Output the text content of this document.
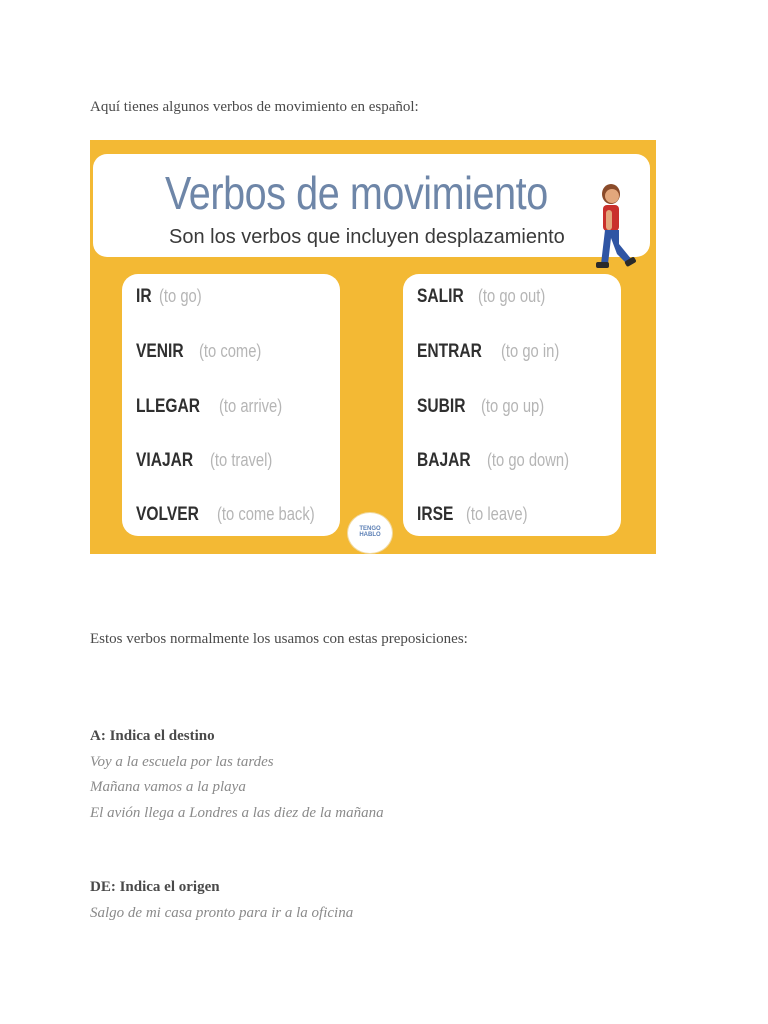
Aquí tienes algunos verbos de movimiento en español:
Verbos de movimiento
Son los verbos que incluyen desplazamiento
IR (to go)
VENIR (to come)
LLEGAR (to arrive)
VIAJAR (to travel)
VOLVER (to come back)
SALIR (to go out)
ENTRAR (to go in)
SUBIR (to go up)
BAJAR (to go down)
IRSE (to leave)
TENGO
HABLO
Estos verbos normalmente los usamos con estas preposiciones:
A: Indica el destino
Voy a la escuela por las tardes
Mañana vamos a la playa
El avión llega a Londres a las diez de la mañana
DE: Indica el origen
Salgo de mi casa pronto para ir a la oficina
